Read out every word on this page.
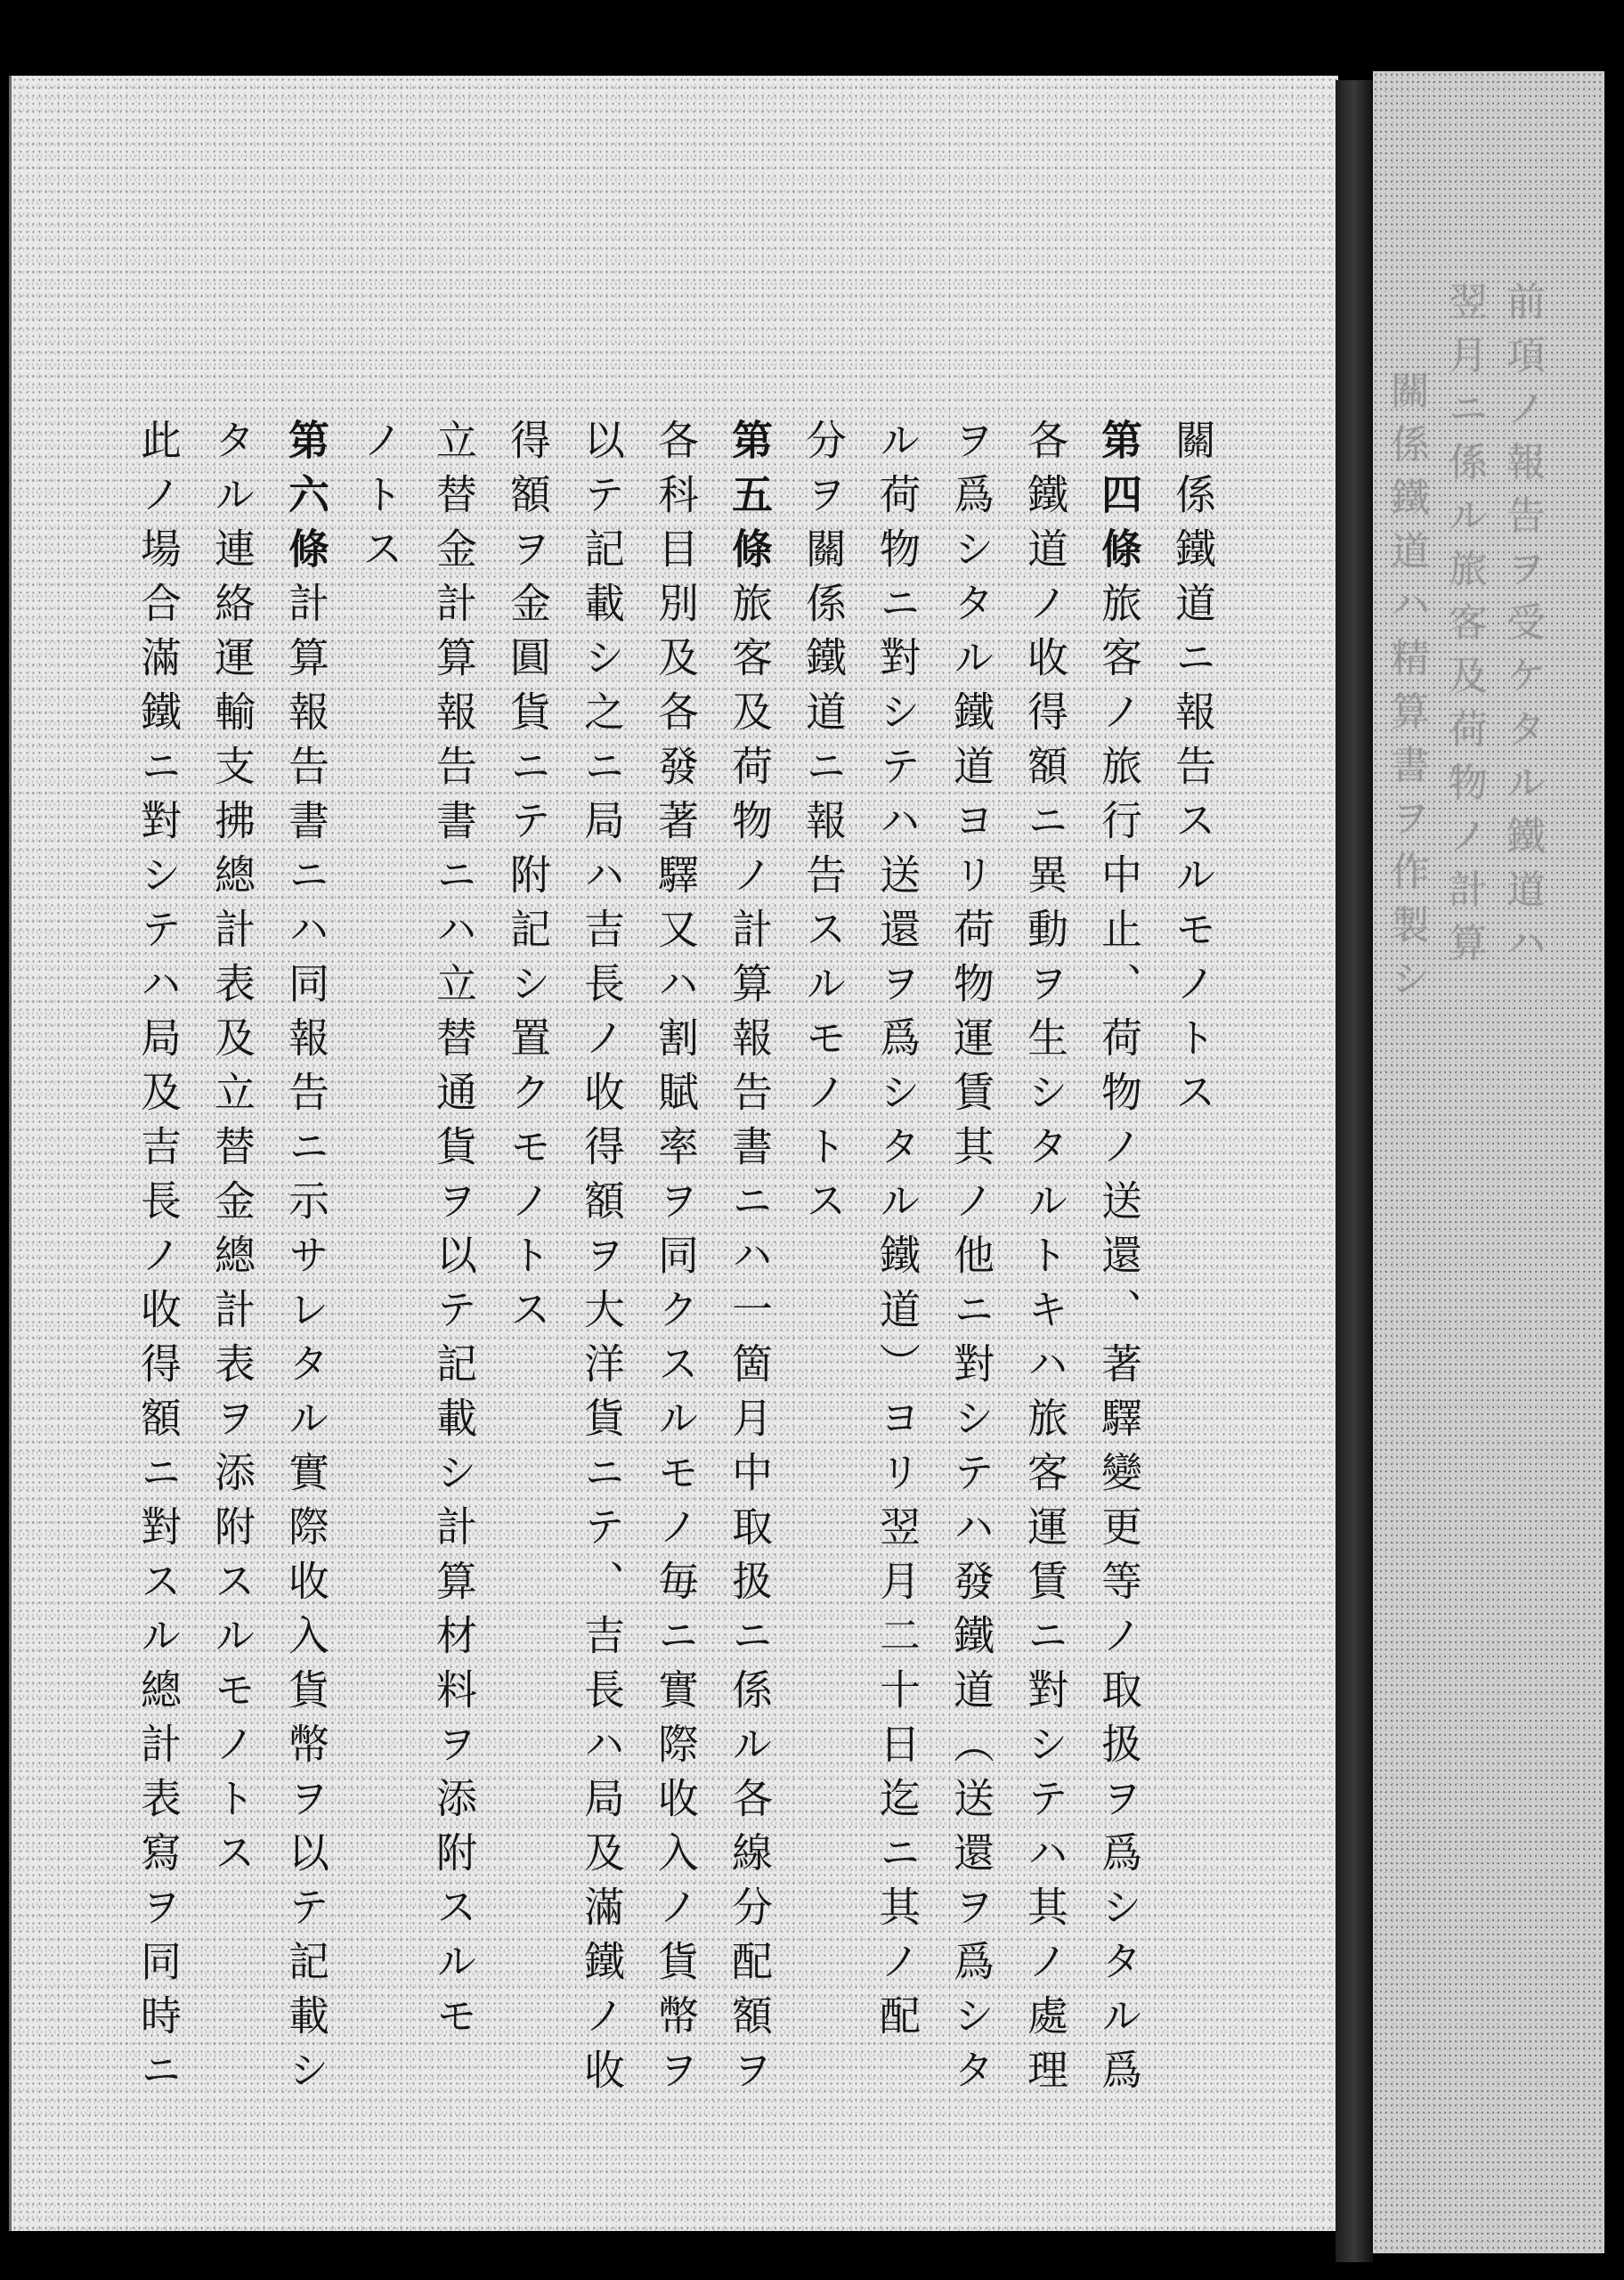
關係鐵道ニ報告スルモノトス
第四條旅客ノ旅行中止、荷物ノ送還、著驛變更等ノ取扱ヲ爲シタル爲
各鐵道ノ收得額ニ異動ヲ生シタルトキハ旅客運賃ニ對シテハ其ノ處理
ヲ爲シタル鐵道ヨリ荷物運賃其ノ他ニ對シテハ發鐵道（送還ヲ爲シタ
ル荷物ニ對シテハ送還ヲ爲シタル鐵道）ヨリ翌月二十日迄ニ其ノ配
分ヲ關係鐵道ニ報告スルモノトス
第五條旅客及荷物ノ計算報告書ニハ一箇月中取扱ニ係ル各線分配額ヲ
各科目別及各發著驛又ハ割賦率ヲ同クスルモノ毎ニ實際收入ノ貨幣ヲ
以テ記載シ之ニ局ハ吉長ノ收得額ヲ大洋貨ニテ、吉長ハ局及滿鐵ノ收
得額ヲ金圓貨ニテ附記シ置クモノトス
立替金計算報告書ニハ立替通貨ヲ以テ記載シ計算材料ヲ添附スルモ
ノトス
第六條計算報告書ニハ同報告ニ示サレタル實際收入貨幣ヲ以テ記載シ
タル連絡運輸支拂總計表及立替金總計表ヲ添附スルモノトス
此ノ場合滿鐵ニ對シテハ局及吉長ノ收得額ニ對スル總計表寫ヲ同時ニ
前項ノ報告ヲ受ケタル鐵道ハ
翌月ニ係ル旅客及荷物ノ計算
關係鐵道ハ精算書ヲ作製シ
